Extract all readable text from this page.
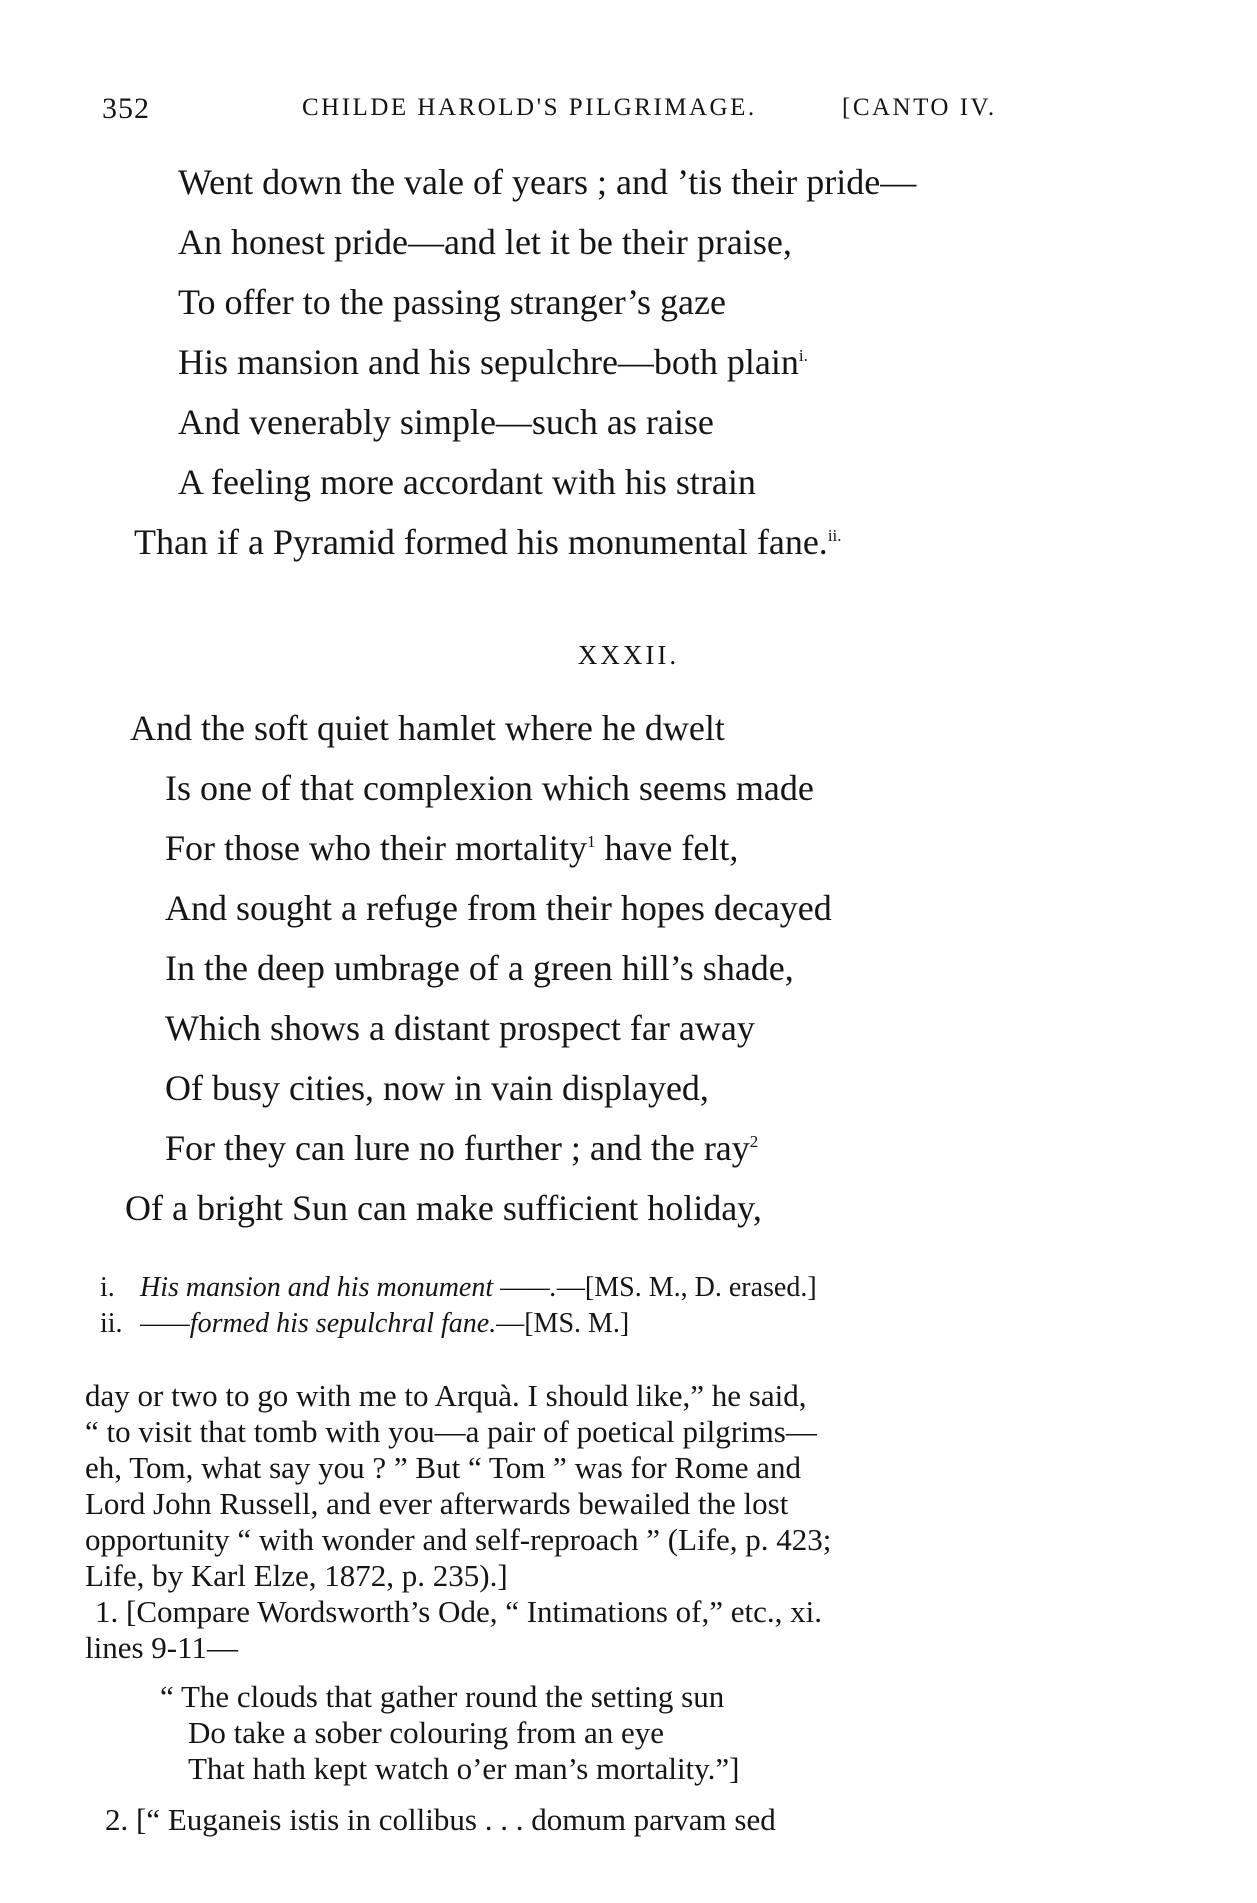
352	CHILDE HAROLD'S PILGRIMAGE.	[CANTO IV.
Went down the vale of years ; and ’tis their pride—
An honest pride—and let it be their praise,
To offer to the passing stranger’s gaze
His mansion and his sepulchre—both plain$^{i.}$
And venerably simple—such as raise
A feeling more accordant with his strain
Than if a Pyramid formed his monumental fane.$^{ii.}$
XXXII.
And the soft quiet hamlet where he dwelt
Is one of that complexion which seems made
For those who their mortality$^1$ have felt,
And sought a refuge from their hopes decayed
In the deep umbrage of a green hill’s shade,
Which shows a distant prospect far away
Of busy cities, now in vain displayed,
For they can lure no further ; and the ray$^2$
Of a bright Sun can make sufficient holiday,
i. His mansion and his monument ——.—[MS. M., D. erased.]
ii. ——formed his sepulchral fane.—[MS. M.]

day or two to go with me to Arquà. I should like,” he said,

“ to visit that tomb with you—a pair of poetical pilgrims—

eh, Tom, what say you ? ” But “ Tom ” was for Rome and

Lord John Russell, and ever afterwards bewailed the lost

opportunity “ with wonder and self-reproach ” (Life, p. 423;

Life, by Karl Elze, 1872, p. 235).]

1. [Compare Wordsworth’s Ode, “ Intimations of,” etc., xi.

lines 9-11—

“ The clouds that gather round the setting sun
Do take a sober colouring from an eye
That hath kept watch o’er man’s mortality.”]

2. [“ Euganeis istis in collibus . . . domum parvam sed
